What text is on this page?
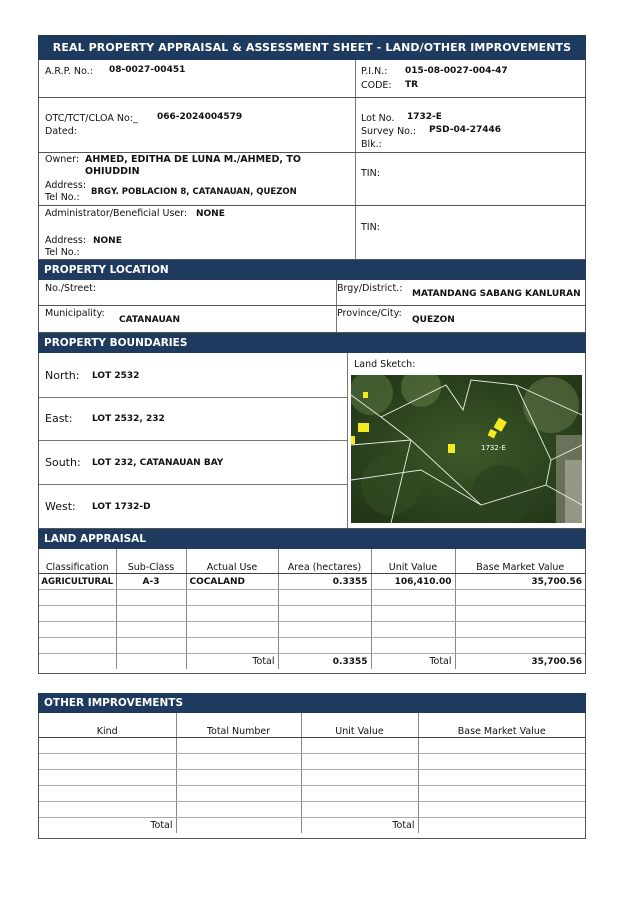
REAL PROPERTY APPRAISAL & ASSESSMENT SHEET - LAND/OTHER IMPROVEMENTS
A.R.P. No.: 08-0027-00451	P.I.N.: 015-08-0027-004-47
CODE: TR
OTC/TCT/CLOA No:_ 066-2024004579
Dated:
Lot No. 1732-E
Survey No.: PSD-04-27446
Blk.:
Owner: AHMED, EDITHA DE LUNA M./AHMED, TO OHIUDDIN
Address:
BRGY. POBLACION 8, CATANAUAN, QUEZON
Tel No.:
TIN:
Administrator/Beneficial User: NONE
Address: NONE
Tel No.:
TIN:
PROPERTY LOCATION
No./Street:	Brgy/District.: MATANDANG SABANG KANLURAN
Municipality:
CATANAUAN
Province/City:
QUEZON
PROPERTY BOUNDARIES
North: LOT 2532
East: LOT 2532, 232
South: LOT 232, CATANAUAN BAY
West: LOT 1732-D
Land Sketch:
1732-E
LAND APPRAISAL
Classification	Sub-Class	Actual Use	Area (hectares)	Unit Value	Base Market Value
AGRICULTURAL	A-3	COCALAND	0.3355	106,410.00	35,700.56

		Total	0.3355	Total	35,700.56
OTHER IMPROVEMENTS
Kind	Total Number	Unit Value	Base Market Value

Total		Total	
